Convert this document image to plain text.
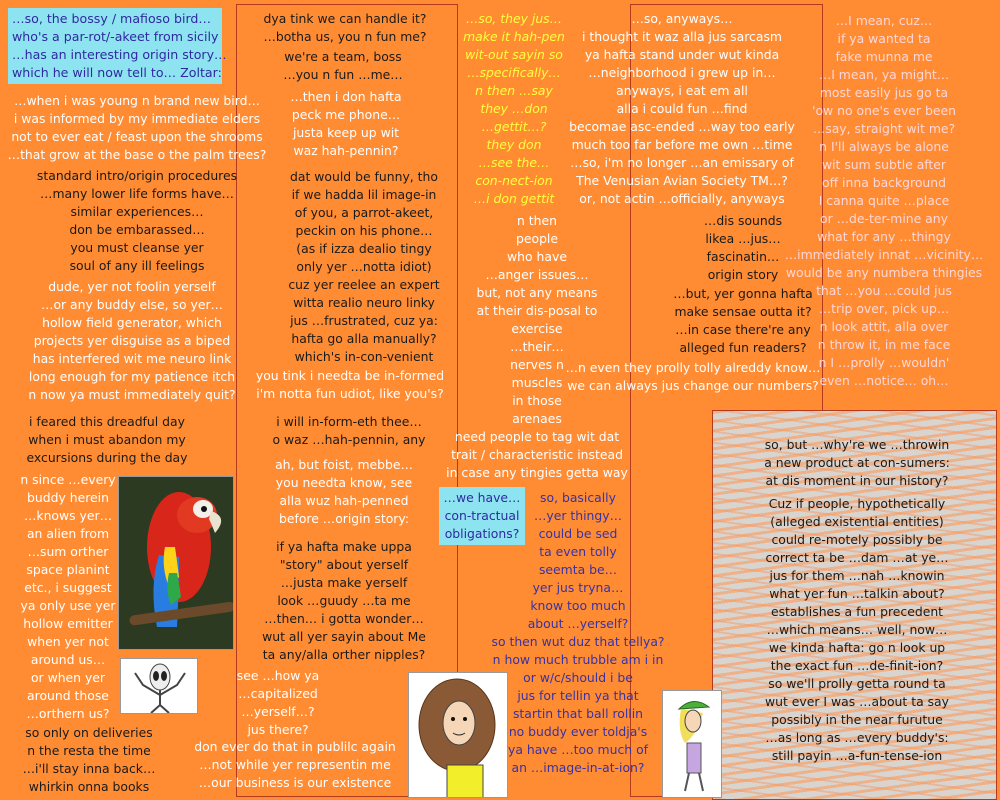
…so, the bossy / mafioso bird…

who's a par-rot/-akeet from sicily

…has an interesting origin story…

which he will now tell to… Zoltar:

…when i was young n brand new bird…

i was informed by my immediate elders

not to ever eat / feast upon the shrooms

…that grow at the base o the palm trees?

standard intro/origin procedures

…many lower life forms have…

similar experiences…

don be embarassed…

you must cleanse yer

soul of any ill feelings

dude, yer not foolin yerself

…or any buddy else, so yer…

hollow field generator, which

projects yer disguise as a biped

has interfered wit me neuro link

long enough for my patience itch

n now ya must immediately quit?

i feared this dreadful day

when i must abandon my

excursions during the day

n since …every

buddy herein

…knows yer…

an alien from

…sum orther

space planint

etc., i suggest

ya only use yer

hollow emitter

when yer not

around us…

or when yer

around those

…orthern us?

so only on deliveries

n the resta the time

…i'll stay inna back…

whirkin onna books

dya tink we can handle it?

…botha us, you n fun me?

we're a team, boss

…you n fun …me…

…then i don hafta

peck me phone…

justa keep up wit

waz hah-pennin?

dat would be funny, tho

if we hadda lil image-in

of you, a parrot-akeet,

peckin on his phone…

(as if izza dealio tingy

only yer …notta idiot)

cuz yer reelee an expert

witta realio neuro linky

jus …frustrated, cuz ya:

hafta go alla manually?

which's in-con-venient

you tink i needta be in-formed

i'm notta fun udiot, like you's?

i will in-form-eth thee…

o waz …hah-pennin, any

ah, but foist, mebbe…

you needta know, see

alla wuz hah-penned

before …origin story:

if ya hafta make uppa

"story" about yerself

…justa make yerself

look …guudy …ta me

…then… i gotta wonder…

wut all yer sayin about Me

ta any/alla orther nipples?

see …how ya

…capitalized

…yerself…?

jus there?

don ever do that in publilc again

…not while yer representin me

…our business is our existence

…so, they jus…

make it hah-pen

wit-out sayin so

…specifically…

n then …say

they …don

…gettit…?

they don

…see the…

con-nect-ion

…i don gettit

n then

people

who have

…anger issues…

but, not any means

at their dis-posal to

exercise

…their…

nerves n

muscles

in those

arenaes

need people to tag wit dat

trait / characteristic instead

in case any tingies getta way

…we have…

con-tractual

obligations?

so, basically

…yer thingy…

could be sed

ta even tolly

seemta be…

yer jus tryna…

know too much

about …yerself?

so then wut duz that tellya?

n how much trubble am i in

or w/c/should i be

jus for tellin ya that

startin that ball rollin

no buddy ever toldja's

ya have …too much of

an …image-in-at-ion?

…so, anyways…

i thought it waz alla jus sarcasm

ya hafta stand under wut kinda

…neighborhood i grew up in…

anyways, i eat em all

alla i could fun …find

becomae asc-ended …way too early

much too far before me own …time

…so, i'm no longer …an emissary of

The Venusian Avian Society TM…?

or, not actin …officially, anyways

…dis sounds

likea …jus…

fascinatin…

origin story

…but, yer gonna hafta

make sensae outta it?

…in case there're any

alleged fun readers?

…n even they prolly tolly alreddy know…

we can always jus change our numbers?

…I mean, cuz…

if ya wanted ta

fake munna me

…I mean, ya might…

most easily jus go ta

'ow no one's ever been

…say, straight wit me?

n I'll always be alone

wit sum subtle after

off inna background

I canna quite …place

or …de-ter-mine any

what for any …thingy

…immediately innat …vicinity…

would be any numbera thingies

that …you …could jus

…trip over, pick up…

n look attit, alla over

n throw it, in me face

n I …prolly …wouldn'

even …notice… oh…

so, but …why're we …throwin

a new product at con-sumers:

at dis moment in our history?

Cuz if people, hypothetically

(alleged existential entities)

could re-motely possibly be

correct ta be …dam …at ye…

jus for them …nah …knowin

what yer fun …talkin about?

establishes a fun precedent

…which means… well, now…

we kinda hafta: go n look up

the exact fun …de-finit-ion?

so we'll prolly getta round ta

wut ever I was …about ta say

possibly in the near furutue

…as long as …every buddy's:

still payin …a-fun-tense-ion
